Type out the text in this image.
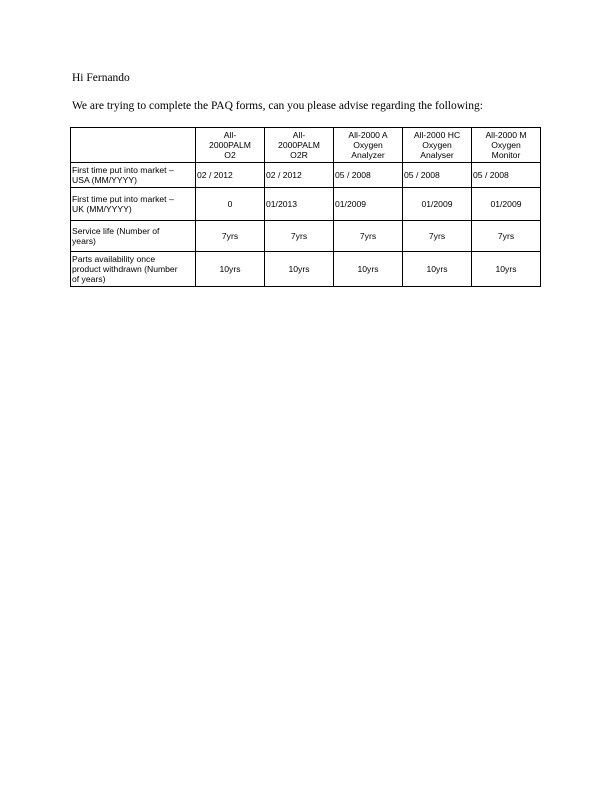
Hi Fernando
We are trying to complete the PAQ forms, can you please advise regarding the following:
	All-
2000PALM
O2	All-
2000PALM
O2R	All-2000 A
Oxygen
Analyzer	All-2000 HC
Oxygen
Analyser	All-2000 M
Oxygen
Monitor
First time put into market –
USA (MM/YYYY)	02 / 2012	02 / 2012	05 / 2008	05 / 2008	05 / 2008
First time put into market –
UK (MM/YYYY)	0	01/2013	01/2009	01/2009	01/2009
Service life (Number of
years)	7yrs	7yrs	7yrs	7yrs	7yrs
Parts availability once
product withdrawn (Number
of years)	10yrs	10yrs	10yrs	10yrs	10yrs
